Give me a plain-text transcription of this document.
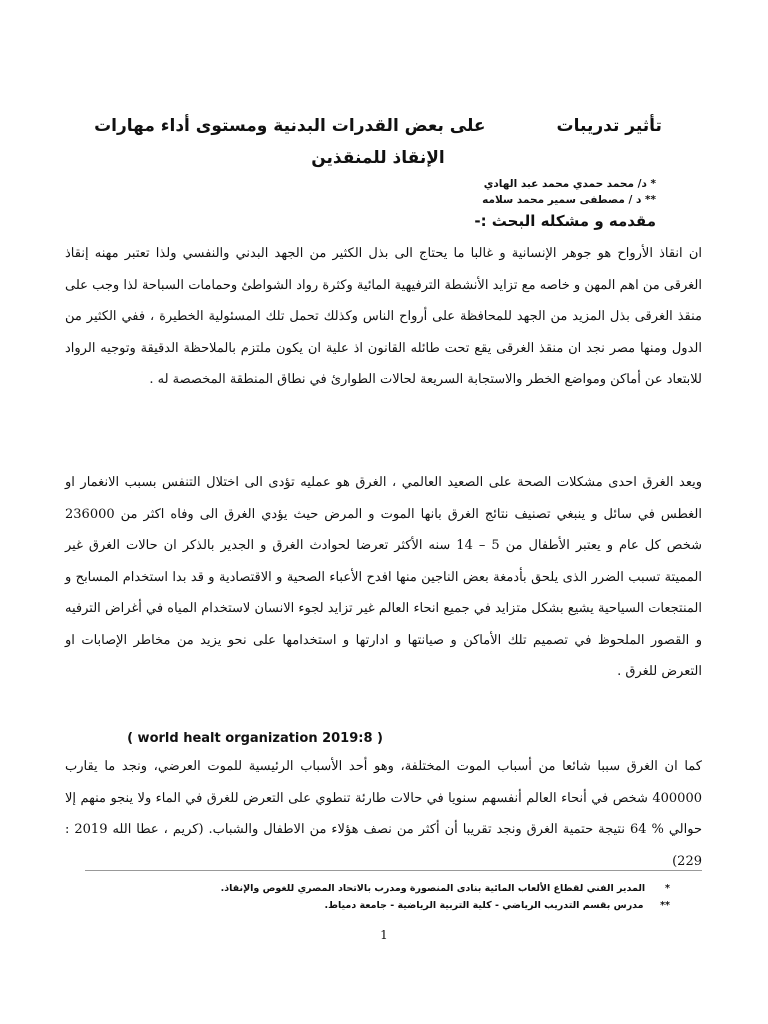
تأثير تدريبات            على بعض القدرات البدنية ومستوى أداء مهارات
الإنقاذ للمنقذين
* د/ محمد حمدي محمد عبد الهادي
** د / مصطفى سمير محمد سلامه
مقدمه و مشكله البحث :-
ان انقاذ الأرواح هو جوهر الإنسانية و غالبا ما يحتاج الى بذل الكثير من الجهد البدني والنفسي ولذا تعتبر مهنه إنقاذ الغرقى من اهم المهن و خاصه مع تزايد الأنشطة الترفيهية المائية وكثرة رواد الشواطئ وحمامات السباحة لذا وجب على منقذ الغرقى بذل المزيد من الجهد للمحافظة على أرواح الناس وكذلك تحمل تلك المسئولية الخطيرة ، ففي الكثير من الدول ومنها مصر نجد ان منقذ الغرقى يقع تحت طائله القانون اذ علية ان يكون ملتزم بالملاحظة الدقيقة وتوجيه الرواد للابتعاد عن أماكن ومواضع الخطر والاستجابة السريعة لحالات الطوارئ في نطاق المنطقة المخصصة له .
ويعد الغرق احدى مشكلات الصحة على الصعيد العالمي ، الغرق هو عمليه تؤدى الى اختلال التنفس بسبب الانغمار او الغطس في سائل و ينبغي تصنيف نتائج الغرق بانها الموت و المرض حيث يؤدي الغرق الى وفاه اكثر من 236000 شخص كل عام و يعتبر الأطفال من 5 – 14 سنه الأكثر تعرضا لحوادث الغرق و الجدير بالذكر ان حالات الغرق غير المميتة تسبب الضرر الذى يلحق بأدمغة بعض الناجين منها افدح الأعباء الصحية و الاقتصادية و قد بدا استخدام المسابح و المنتجعات السياحية يشيع بشكل متزايد في جميع انحاء العالم غير تزايد لجوء الانسان لاستخدام المياه في أغراض الترفيه و القصور الملحوظ في تصميم تلك الأماكن و صيانتها و ادارتها و استخدامها على نحو يزيد من مخاطر الإصابات او التعرض للغرق .
( world healt organization 2019:8 )
كما ان الغرق سببا شائعا من أسباب الموت المختلفة، وهو أحد الأسباب الرئيسية للموت العرضي، ونجد ما يقارب 400000 شخص في أنحاء العالم أنفسهم سنويا في حالات طارئة تنطوي على التعرض للغرق في الماء ولا ينجو منهم إلا حوالي % 64 نتيجة حتمية الغرق ونجد تقريبا أن أكثر من نصف هؤلاء من الاطفال والشباب. (كريم ، عطا الله 2019 : 229)
*      المدير الفني لقطاع الألعاب المائية بنادى المنصورة ومدرب بالاتحاد المصري للغوص والإنقاذ.
**     مدرس بقسم التدريب الرياضي - كلية التربية الرياضية - جامعة دمياط.
1
